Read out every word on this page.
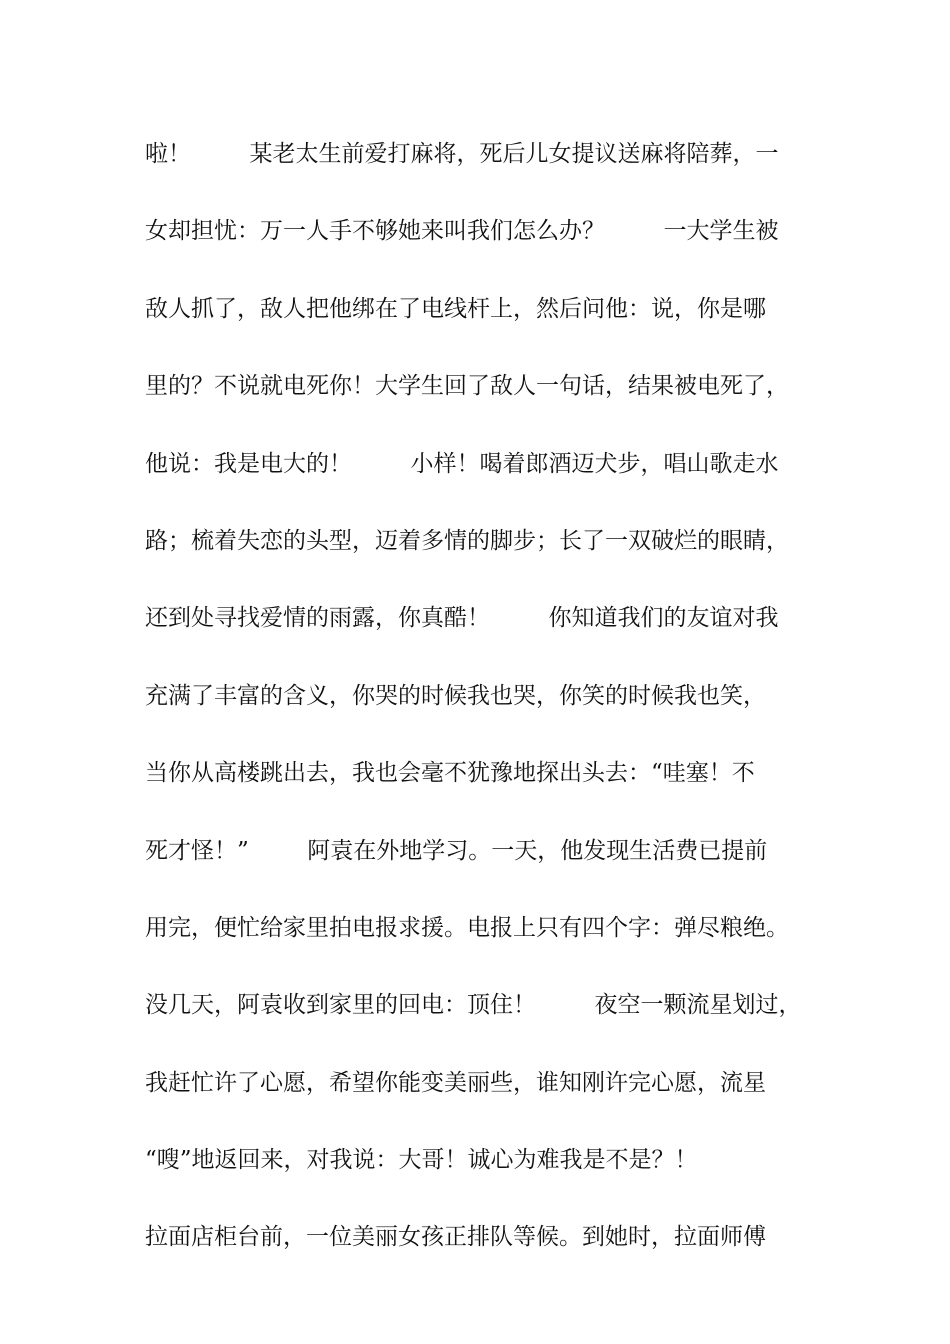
啦！        某老太生前爱打麻将，死后儿女提议送麻将陪葬，一
女却担忧：万一人手不够她来叫我们怎么办？        一大学生被
敌人抓了，敌人把他绑在了电线杆上，然后问他：说，你是哪
里的？不说就电死你！大学生回了敌人一句话，结果被电死了，
他说：我是电大的！        小样！喝着郎酒迈犬步，唱山歌走水
路；梳着失恋的头型，迈着多情的脚步；长了一双破烂的眼睛，
还到处寻找爱情的雨露，你真酷！        你知道我们的友谊对我
充满了丰富的含义，你哭的时候我也哭，你笑的时候我也笑，
当你从高楼跳出去，我也会毫不犹豫地探出头去：“哇塞！不
死才怪！”        阿袁在外地学习。一天，他发现生活费已提前
用完，便忙给家里拍电报求援。电报上只有四个字：弹尽粮绝。
没几天，阿袁收到家里的回电：顶住！        夜空一颗流星划过，
我赶忙许了心愿，希望你能变美丽些，谁知刚许完心愿，流星
“嗖”地返回来，对我说：大哥！诚心为难我是不是？！
拉面店柜台前，一位美丽女孩正排队等候。到她时，拉面师傅
